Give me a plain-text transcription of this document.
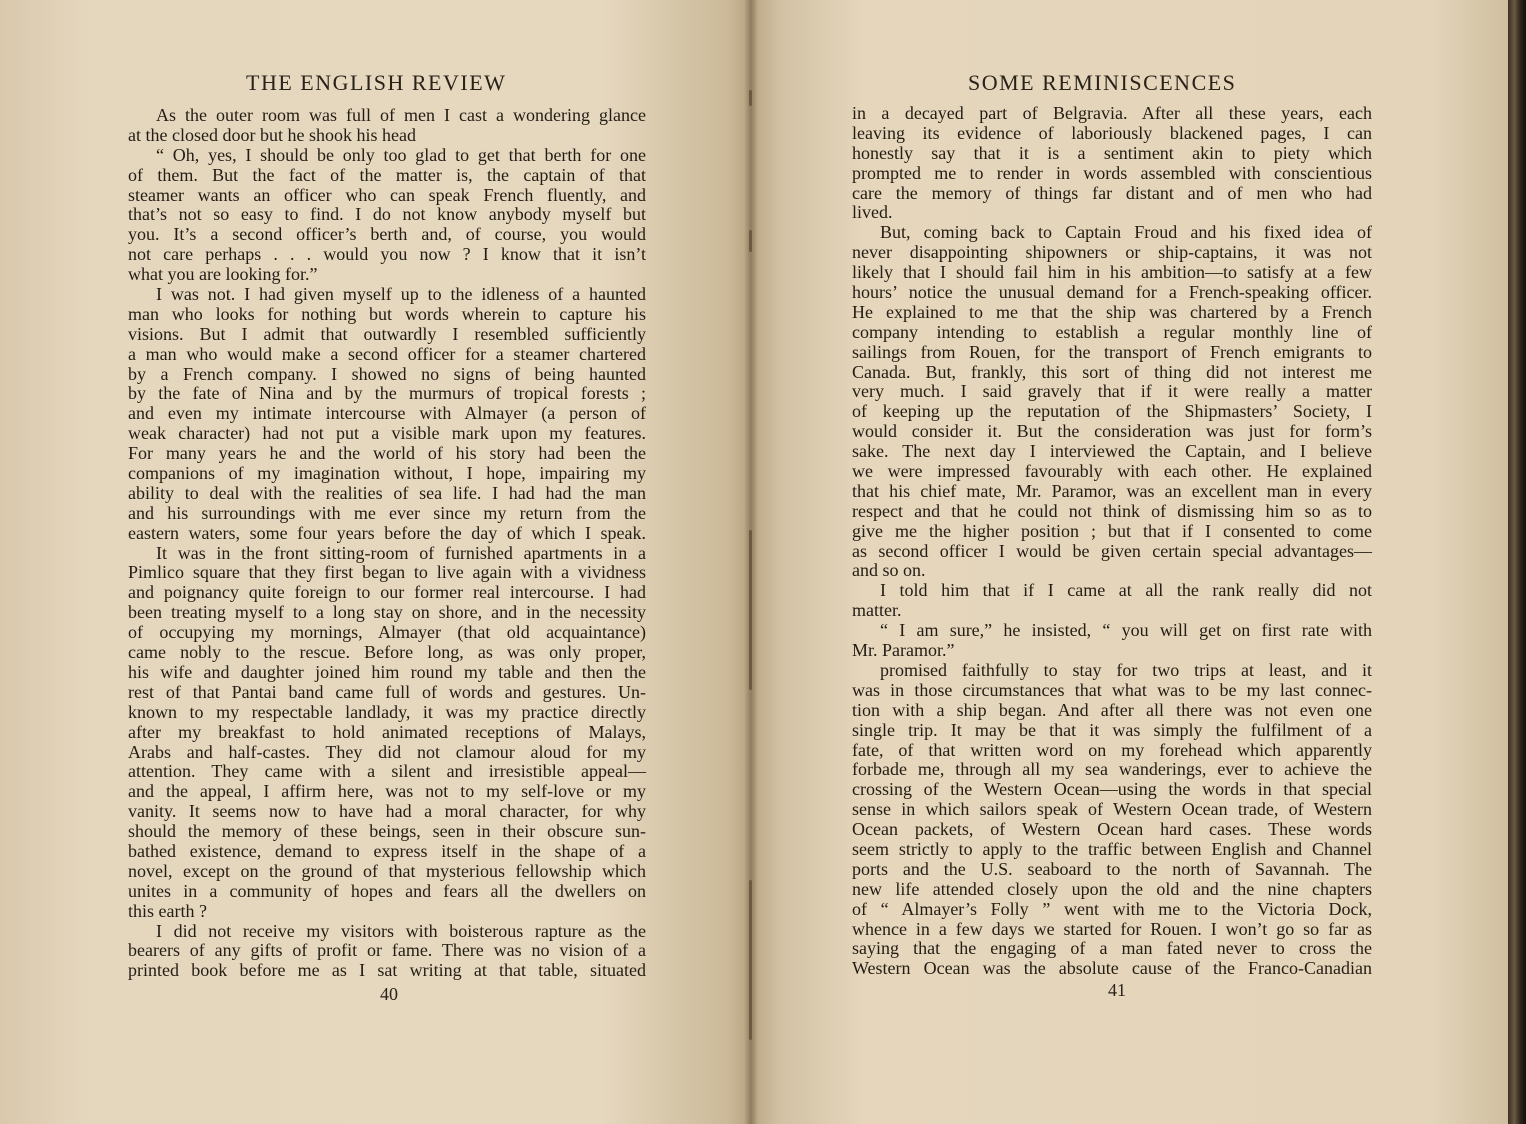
THE ENGLISH REVIEW
As the outer room was full of men I cast a wondering glance
at the closed door but he shook his head
“ Oh, yes, I should be only too glad to get that berth for one
of them. But the fact of the matter is, the captain of that
steamer wants an officer who can speak French fluently, and
that’s not so easy to find. I do not know anybody myself but
you. It’s a second officer’s berth and, of course, you would
not care perhaps . . . would you now ? I know that it isn’t
what you are looking for.”
I was not. I had given myself up to the idleness of a haunted
man who looks for nothing but words wherein to capture his
visions. But I admit that outwardly I resembled sufficiently
a man who would make a second officer for a steamer chartered
by a French company. I showed no signs of being haunted
by the fate of Nina and by the murmurs of tropical forests ;
and even my intimate intercourse with Almayer (a person of
weak character) had not put a visible mark upon my features.
For many years he and the world of his story had been the
companions of my imagination without, I hope, impairing my
ability to deal with the realities of sea life. I had had the man
and his surroundings with me ever since my return from the
eastern waters, some four years before the day of which I speak.
It was in the front sitting-room of furnished apartments in a
Pimlico square that they first began to live again with a vividness
and poignancy quite foreign to our former real intercourse. I had
been treating myself to a long stay on shore, and in the necessity
of occupying my mornings, Almayer (that old acquaintance)
came nobly to the rescue. Before long, as was only proper,
his wife and daughter joined him round my table and then the
rest of that Pantai band came full of words and gestures. Un-
known to my respectable landlady, it was my practice directly
after my breakfast to hold animated receptions of Malays,
Arabs and half-castes. They did not clamour aloud for my
attention. They came with a silent and irresistible appeal—
and the appeal, I affirm here, was not to my self-love or my
vanity. It seems now to have had a moral character, for why
should the memory of these beings, seen in their obscure sun-
bathed existence, demand to express itself in the shape of a
novel, except on the ground of that mysterious fellowship which
unites in a community of hopes and fears all the dwellers on
this earth ?
I did not receive my visitors with boisterous rapture as the
bearers of any gifts of profit or fame. There was no vision of a
printed book before me as I sat writing at that table, situated
40
SOME REMINISCENCES
in a decayed part of Belgravia. After all these years, each
leaving its evidence of laboriously blackened pages, I can
honestly say that it is a sentiment akin to piety which
prompted me to render in words assembled with conscientious
care the memory of things far distant and of men who had
lived.
But, coming back to Captain Froud and his fixed idea of
never disappointing shipowners or ship-captains, it was not
likely that I should fail him in his ambition—to satisfy at a few
hours’ notice the unusual demand for a French-speaking officer.
He explained to me that the ship was chartered by a French
company intending to establish a regular monthly line of
sailings from Rouen, for the transport of French emigrants to
Canada. But, frankly, this sort of thing did not interest me
very much. I said gravely that if it were really a matter
of keeping up the reputation of the Shipmasters’ Society, I
would consider it. But the consideration was just for form’s
sake. The next day I interviewed the Captain, and I believe
we were impressed favourably with each other. He explained
that his chief mate, Mr. Paramor, was an excellent man in every
respect and that he could not think of dismissing him so as to
give me the higher position ; but that if I consented to come
as second officer I would be given certain special advantages—
and so on.
I told him that if I came at all the rank really did not
matter.
“ I am sure,” he insisted, “ you will get on first rate with
Mr. Paramor.”
promised faithfully to stay for two trips at least, and it
was in those circumstances that what was to be my last connec-
tion with a ship began. And after all there was not even one
single trip. It may be that it was simply the fulfilment of a
fate, of that written word on my forehead which apparently
forbade me, through all my sea wanderings, ever to achieve the
crossing of the Western Ocean—using the words in that special
sense in which sailors speak of Western Ocean trade, of Western
Ocean packets, of Western Ocean hard cases. These words
seem strictly to apply to the traffic between English and Channel
ports and the U.S. seaboard to the north of Savannah. The
new life attended closely upon the old and the nine chapters
of “ Almayer’s Folly ” went with me to the Victoria Dock,
whence in a few days we started for Rouen. I won’t go so far as
saying that the engaging of a man fated never to cross the
Western Ocean was the absolute cause of the Franco-Canadian
41
